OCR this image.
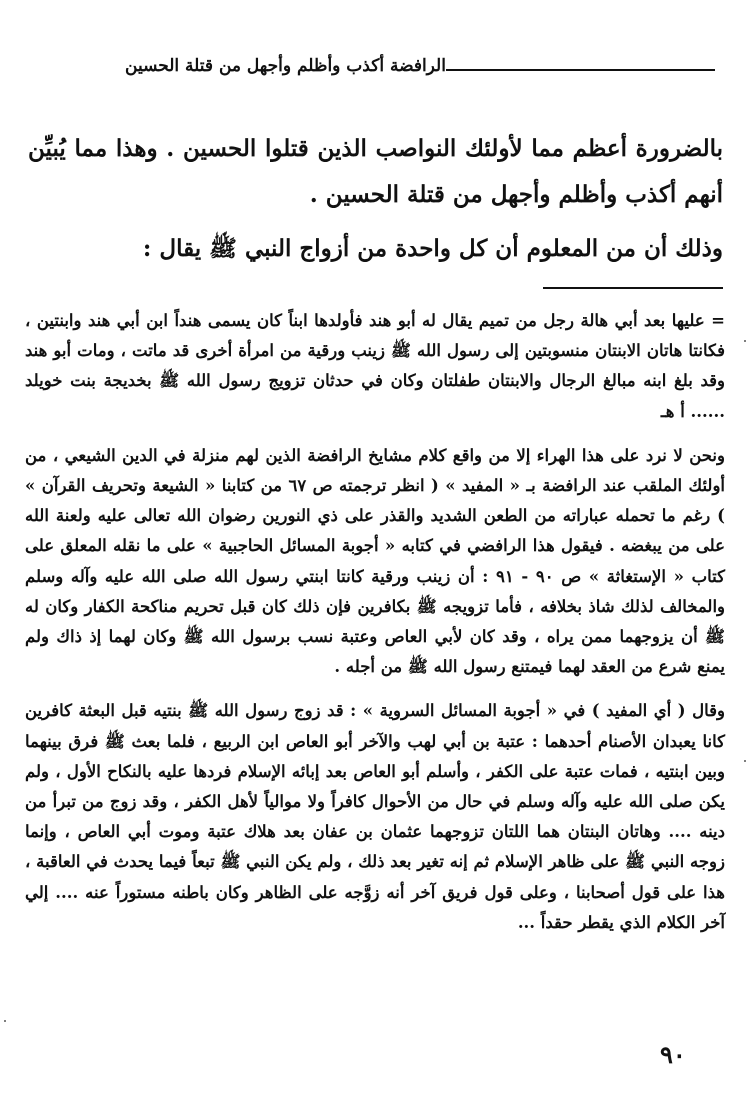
الرافضة أكذب وأظلم وأجهل من قتلة الحسين

بالضرورة أعظم مما لأولئك النواصب الذين قتلوا الحسين . وهذا مما يُبيِّن أنهم أكذب وأظلم وأجهل من قتلة الحسين .

وذلك أن من المعلوم أن كل واحدة من أزواج النبي ﷺ يقال :

= عليها بعد أبي هالة رجل من تميم يقال له أبو هند فأولدها ابناً كان يسمى هنداً ابن أبي هند وابنتين ، فكانتا هاتان الابنتان منسوبتين إلى رسول الله ﷺ زينب ورقية من امرأة أخرى قد ماتت ، ومات أبو هند وقد بلغ ابنه مبالغ الرجال والابنتان طفلتان وكان في حدثان تزويج رسول الله ﷺ بخديجة بنت خويلد ...... أ هـ

ونحن لا نرد على هذا الهراء إلا من واقع كلام مشايخ الرافضة الذين لهم منزلة في الدين الشيعي ، من أولئك الملقب عند الرافضة بـ « المفيد » ( انظر ترجمته ص ٦٧ من كتابنا « الشيعة وتحريف القرآن » ) رغم ما تحمله عباراته من الطعن الشديد والقذر على ذي النورين رضوان الله تعالى عليه ولعنة الله على من يبغضه . فيقول هذا الرافضي في كتابه « أجوبة المسائل الحاجبية » على ما نقله المعلق على كتاب « الإستغاثة » ص ٩٠ - ٩١ : أن زينب ورقية كانتا ابنتي رسول الله صلى الله عليه وآله وسلم والمخالف لذلك شاذ بخلافه ، فأما تزويجه ﷺ بكافرين فإن ذلك كان قبل تحريم مناكحة الكفار وكان له ﷺ أن يزوجهما ممن يراه ، وقد كان لأبي العاص وعتبة نسب برسول الله ﷺ وكان لهما إذ ذاك ولم يمنع شرع من العقد لهما فيمتنع رسول الله ﷺ من أجله .

وقال ( أي المفيد ) في « أجوبة المسائل السروية » : قد زوج رسول الله ﷺ بنتيه قبل البعثة كافرين كانا يعبدان الأصنام أحدهما : عتبة بن أبي لهب والآخر أبو العاص ابن الربيع ، فلما بعث ﷺ فرق بينهما وبين ابنتيه ، فمات عتبة على الكفر ، وأسلم أبو العاص بعد إبائه الإسلام فردها عليه بالنكاح الأول ، ولم يكن صلى الله عليه وآله وسلم في حال من الأحوال كافراً ولا موالياً لأهل الكفر ، وقد زوج من تبرأ من دينه .... وهاتان البنتان هما اللتان تزوجهما عثمان بن عفان بعد هلاك عتبة وموت أبي العاص ، وإنما زوجه النبي ﷺ على ظاهر الإسلام ثم إنه تغير بعد ذلك ، ولم يكن النبي ﷺ تبعاً فيما يحدث في العاقبة ، هذا على قول أصحابنا ، وعلى قول فريق آخر أنه زوَّجه على الظاهر وكان باطنه مستوراً عنه .... إلي آخر الكلام الذي يقطر حقداً ...

٩٠
